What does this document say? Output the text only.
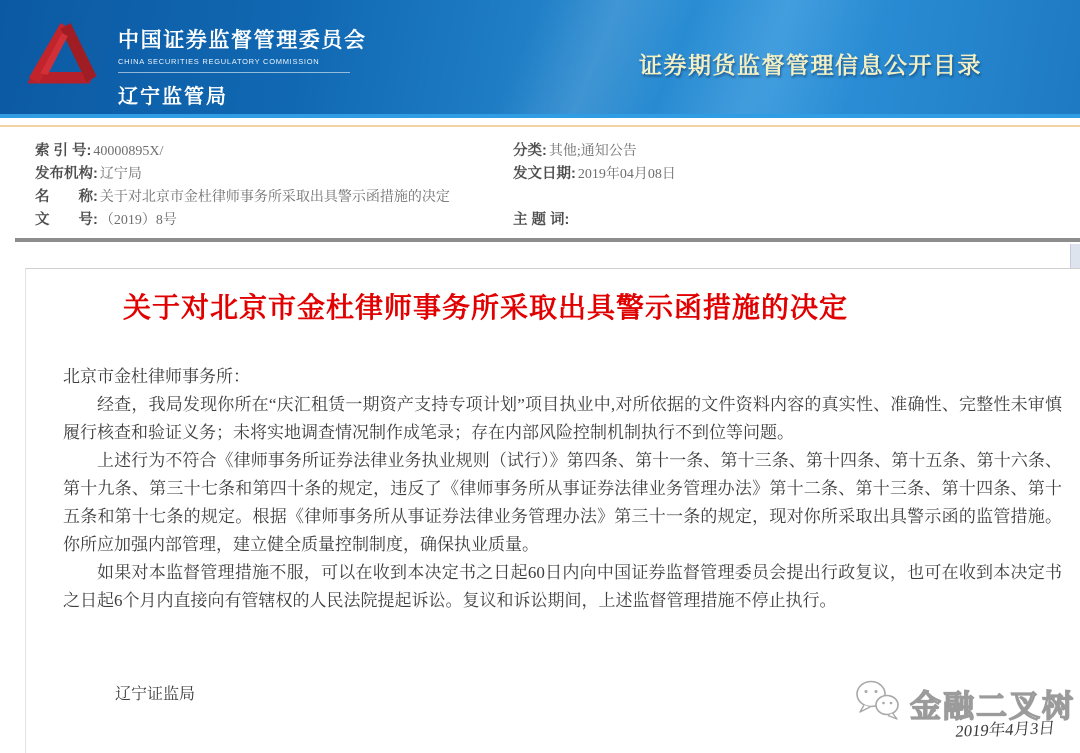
中国证券监督管理委员会
CHINA SECURITIES REGULATORY COMMISSION
辽宁监管局
证券期货监督管理信息公开目录
索 引 号: 40000895X/	分类: 其他;通知公告
发布机构: 辽宁局	发文日期: 2019年04月08日
名　　称: 关于对北京市金杜律师事务所采取出具警示函措施的决定
文　　号: （2019）8号	主 题 词:
关于对北京市金杜律师事务所采取出具警示函措施的决定

北京市金杜律师事务所：

经查，我局发现你所在“庆汇租赁一期资产支持专项计划”项目执业中,对所依据的文件资料内容的真实性、准确性、完整性未审慎履行核查和验证义务；未将实地调查情况制作成笔录；存在内部风险控制机制执行不到位等问题。

上述行为不符合《律师事务所证券法律业务执业规则（试行）》第四条、第十一条、第十三条、第十四条、第十五条、第十六条、第十九条、第三十七条和第四十条的规定，违反了《律师事务所从事证券法律业务管理办法》第十二条、第十三条、第十四条、第十五条和第十七条的规定。根据《律师事务所从事证券法律业务管理办法》第三十一条的规定，现对你所采取出具警示函的监管措施。你所应加强内部管理，建立健全质量控制制度，确保执业质量。

如果对本监督管理措施不服，可以在收到本决定书之日起60日内向中国证券监督管理委员会提出行政复议，也可在收到本决定书之日起6个月内直接向有管辖权的人民法院提起诉讼。复议和诉讼期间，上述监督管理措施不停止执行。

辽宁证监局	金融二叉树
2019年4月3日
